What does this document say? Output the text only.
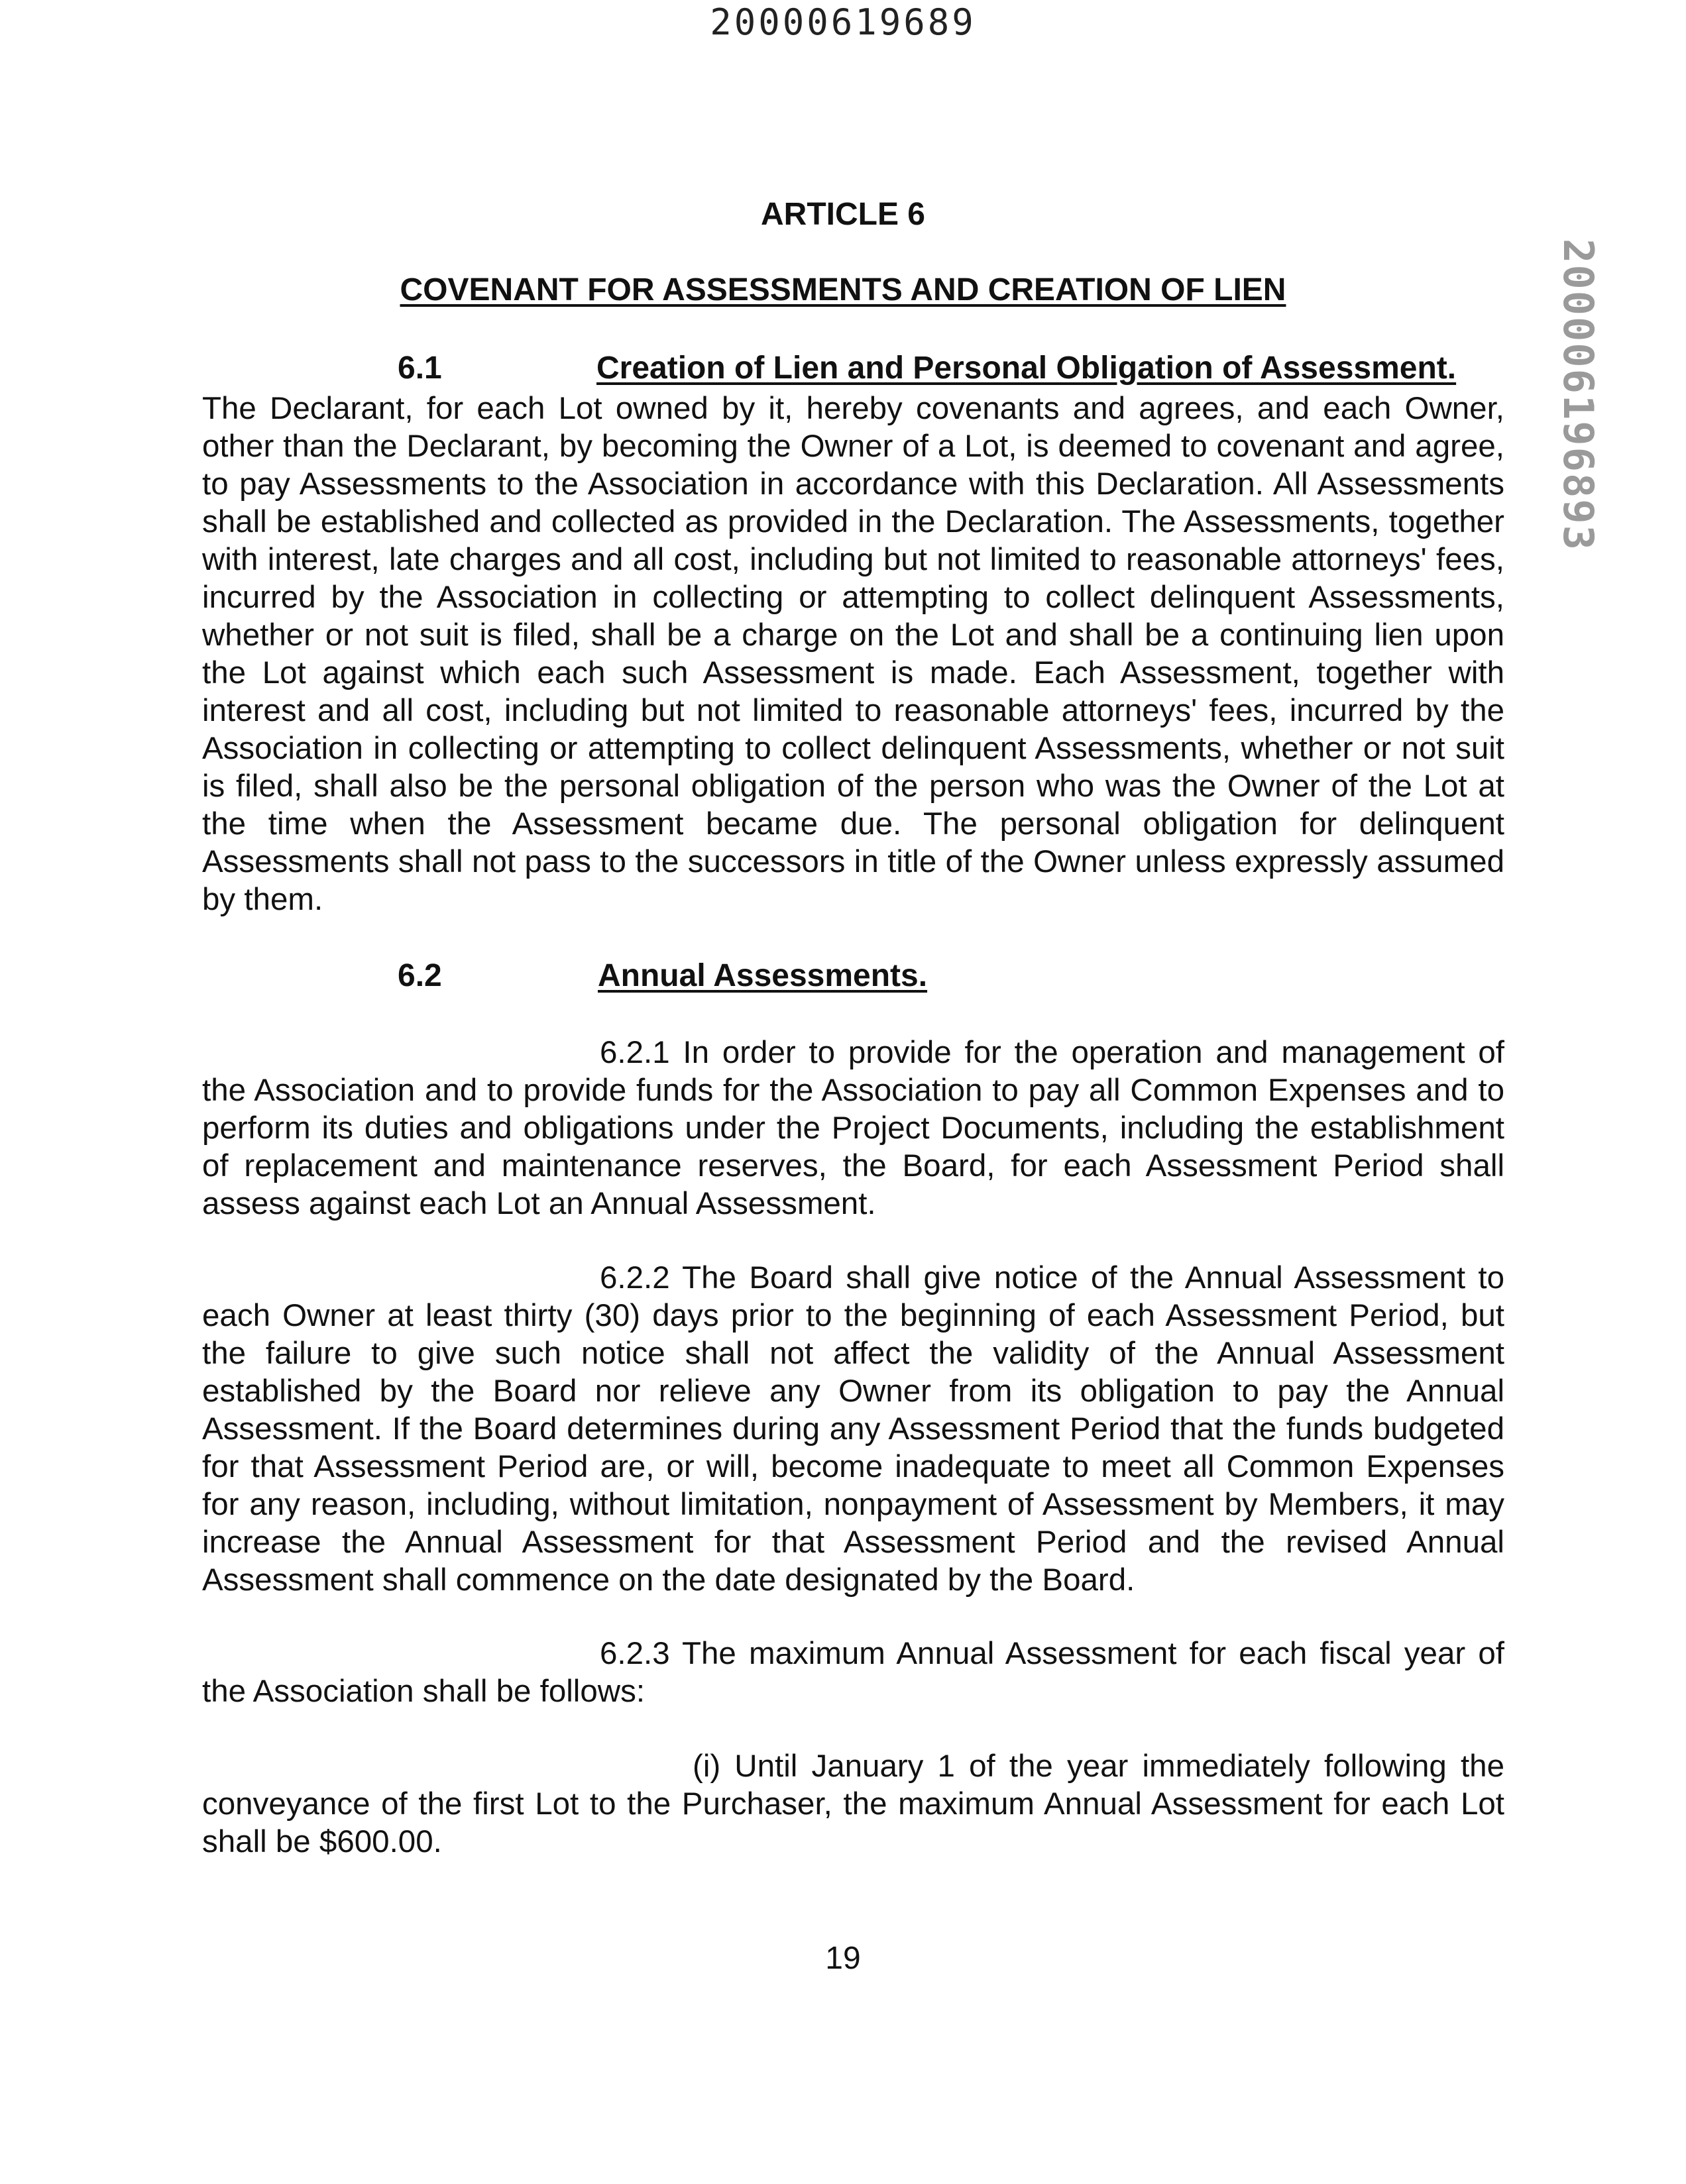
20000619689
200006196893
ARTICLE 6
COVENANT FOR ASSESSMENTS AND CREATION OF LIEN
6.1	Creation of Lien and Personal Obligation of Assessment.
The Declarant, for each Lot owned by it, hereby covenants and agrees, and each Owner, other than the Declarant, by becoming the Owner of a Lot, is deemed to covenant and agree, to pay Assessments to the Association in accordance with this Declaration. All Assessments shall be established and collected as provided in the Declaration. The Assessments, together with interest, late charges and all cost, including but not limited to reasonable attorneys' fees, incurred by the Association in collecting or attempting to collect delinquent Assessments, whether or not suit is filed, shall be a charge on the Lot and shall be a continuing lien upon the Lot against which each such Assessment is made. Each Assessment, together with interest and all cost, including but not limited to reasonable attorneys' fees, incurred by the Association in collecting or attempting to collect delinquent Assessments, whether or not suit is filed, shall also be the personal obligation of the person who was the Owner of the Lot at the time when the Assessment became due. The personal obligation for delinquent Assessments shall not pass to the successors in title of the Owner unless expressly assumed by them.
6.2	Annual Assessments.
6.2.1 In order to provide for the operation and management of the Association and to provide funds for the Association to pay all Common Expenses and to perform its duties and obligations under the Project Documents, including the establishment of replacement and maintenance reserves, the Board, for each Assessment Period shall assess against each Lot an Annual Assessment.
6.2.2 The Board shall give notice of the Annual Assessment to each Owner at least thirty (30) days prior to the beginning of each Assessment Period, but the failure to give such notice shall not affect the validity of the Annual Assessment established by the Board nor relieve any Owner from its obligation to pay the Annual Assessment. If the Board determines during any Assessment Period that the funds budgeted for that Assessment Period are, or will, become inadequate to meet all Common Expenses for any reason, including, without limitation, nonpayment of Assessment by Members, it may increase the Annual Assessment for that Assessment Period and the revised Annual Assessment shall commence on the date designated by the Board.
6.2.3 The maximum Annual Assessment for each fiscal year of the Association shall be follows:
(i) Until January 1 of the year immediately following the conveyance of the first Lot to the Purchaser, the maximum Annual Assessment for each Lot shall be $600.00.
19
